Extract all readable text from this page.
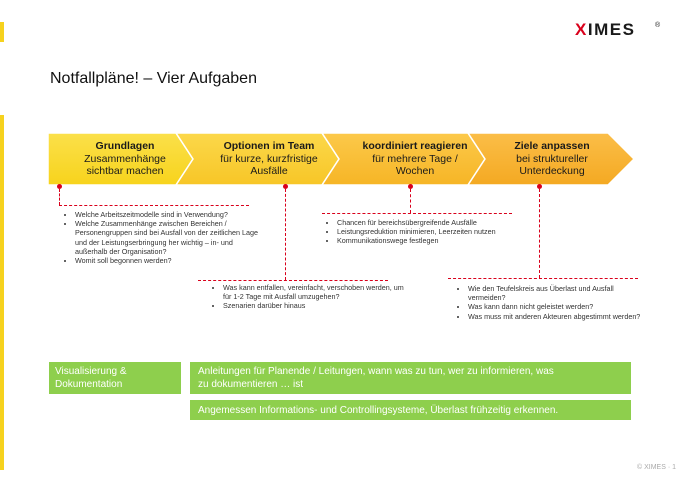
XIMES	®
Notfallpläne! – Vier Aufgaben
Grundlagen
Zusammenhänge
sichtbar machen
Optionen im Team
für kurze, kurzfristige
Ausfälle
koordiniert reagieren
für mehrere Tage /
Wochen
Ziele anpassen
bei struktureller
Unterdeckung
• Welche Arbeitszeitmodelle sind in Verwendung?
• Welche Zusammenhänge zwischen Bereichen / Personengruppen sind bei Ausfall von der zeitlichen Lage und der Leistungserbringung her wichtig – in- und außerhalb der Organisation?
• Womit soll begonnen werden?
• Was kann entfallen, vereinfacht, verschoben werden, um für 1-2 Tage mit Ausfall umzugehen?
• Szenarien darüber hinaus
• Chancen für bereichsübergreifende Ausfälle
• Leistungsreduktion minimieren, Leerzeiten nutzen
• Kommunikationswege festlegen
• Wie den Teufelskreis aus Überlast und Ausfall vermeiden?
• Was kann dann nicht geleistet werden?
• Was muss mit anderen Akteuren abgestimmt werden?
Visualisierung & Dokumentation
Anleitungen für Planende / Leitungen, wann was zu tun, wer zu informieren, was zu dokumentieren … ist
Angemessen Informations- und Controllingsysteme, Überlast frühzeitig erkennen.
© XIMES · 1
